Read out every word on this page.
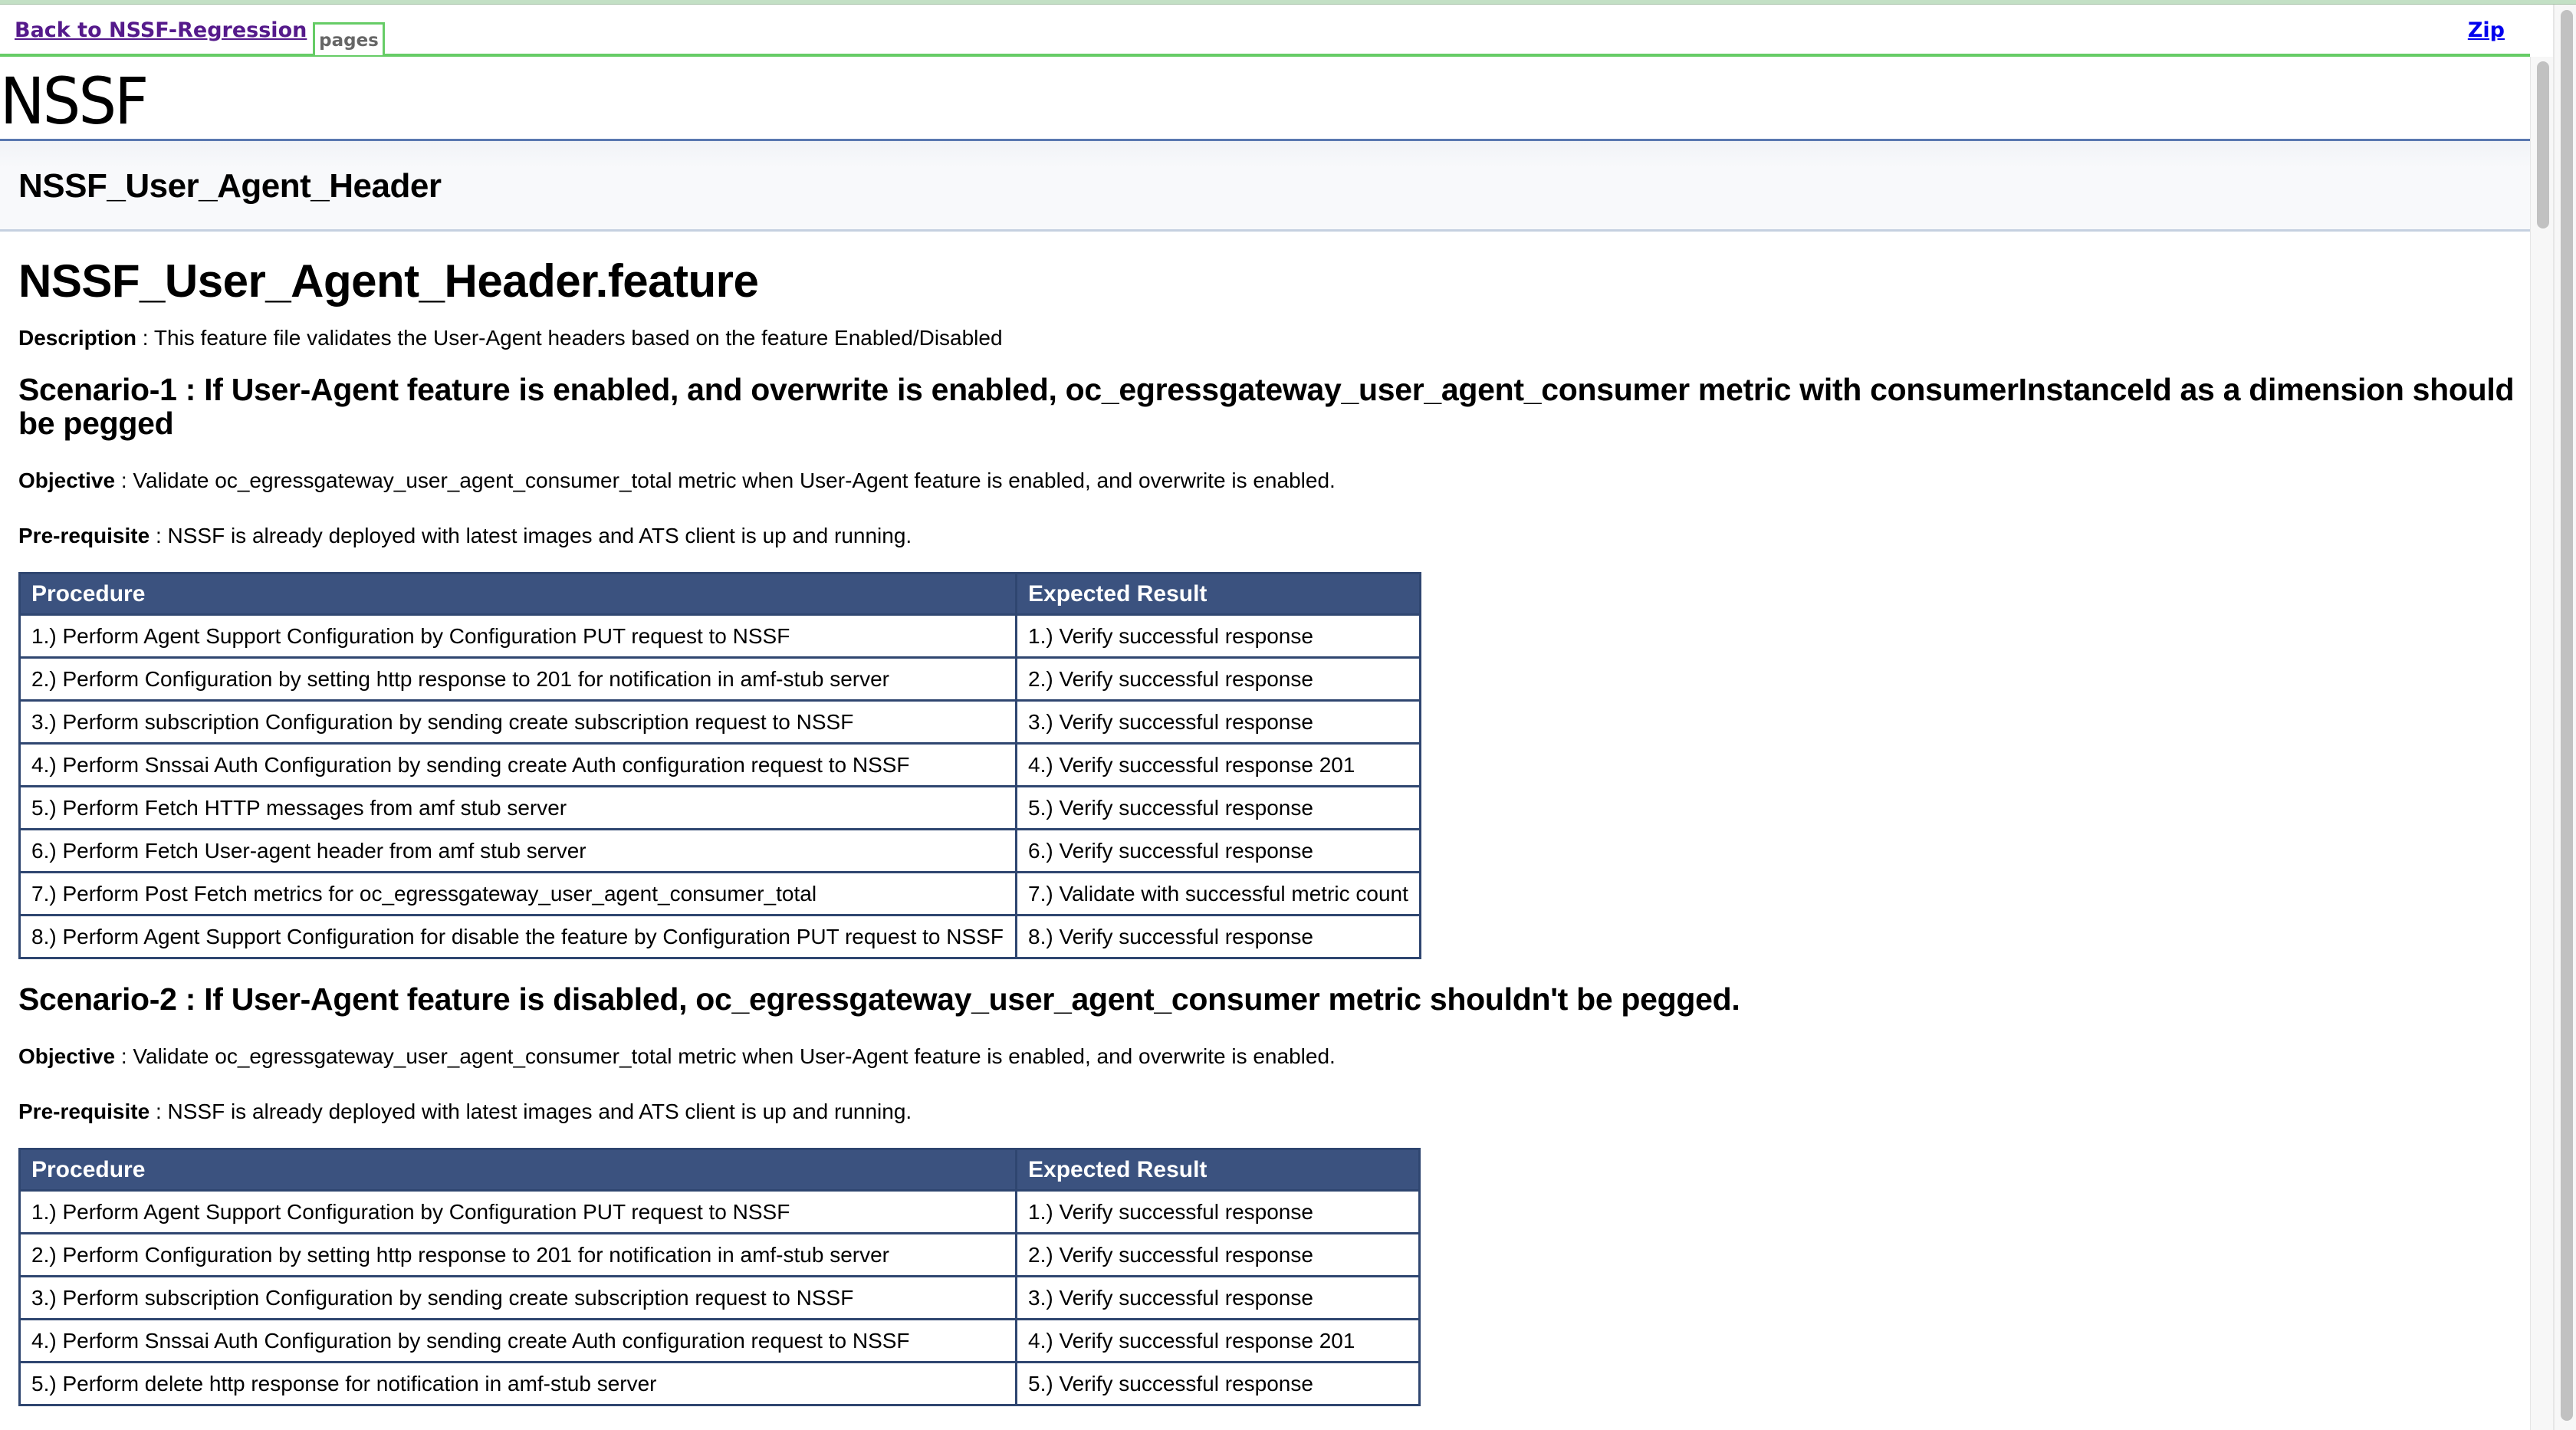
Back to NSSF-Regression pages	Zip
NSSF
NSSF_User_Agent_Header
NSSF_User_Agent_Header.feature

Description : This feature file validates the User-Agent headers based on the feature Enabled/Disabled

Scenario-1 : If User-Agent feature is enabled, and overwrite is enabled, oc_egressgateway_user_agent_consumer metric with consumerInstanceId as a dimension should be pegged

Objective : Validate oc_egressgateway_user_agent_consumer_total metric when User-Agent feature is enabled, and overwrite is enabled.

Pre-requisite : NSSF is already deployed with latest images and ATS client is up and running.

Procedure	Expected Result
1.) Perform Agent Support Configuration by Configuration PUT request to NSSF	1.) Verify successful response
2.) Perform Configuration by setting http response to 201 for notification in amf-stub server	2.) Verify successful response
3.) Perform subscription Configuration by sending create subscription request to NSSF	3.) Verify successful response
4.) Perform Snssai Auth Configuration by sending create Auth configuration request to NSSF	4.) Verify successful response 201
5.) Perform Fetch HTTP messages from amf stub server	5.) Verify successful response
6.) Perform Fetch User-agent header from amf stub server	6.) Verify successful response
7.) Perform Post Fetch metrics for oc_egressgateway_user_agent_consumer_total	7.) Validate with successful metric count
8.) Perform Agent Support Configuration for disable the feature by Configuration PUT request to NSSF	8.) Verify successful response
Scenario-2 : If User-Agent feature is disabled, oc_egressgateway_user_agent_consumer metric shouldn't be pegged.

Objective : Validate oc_egressgateway_user_agent_consumer_total metric when User-Agent feature is enabled, and overwrite is enabled.

Pre-requisite : NSSF is already deployed with latest images and ATS client is up and running.

Procedure	Expected Result
1.) Perform Agent Support Configuration by Configuration PUT request to NSSF	1.) Verify successful response
2.) Perform Configuration by setting http response to 201 for notification in amf-stub server	2.) Verify successful response
3.) Perform subscription Configuration by sending create subscription request to NSSF	3.) Verify successful response
4.) Perform Snssai Auth Configuration by sending create Auth configuration request to NSSF	4.) Verify successful response 201
5.) Perform delete http response for notification in amf-stub server	5.) Verify successful response
